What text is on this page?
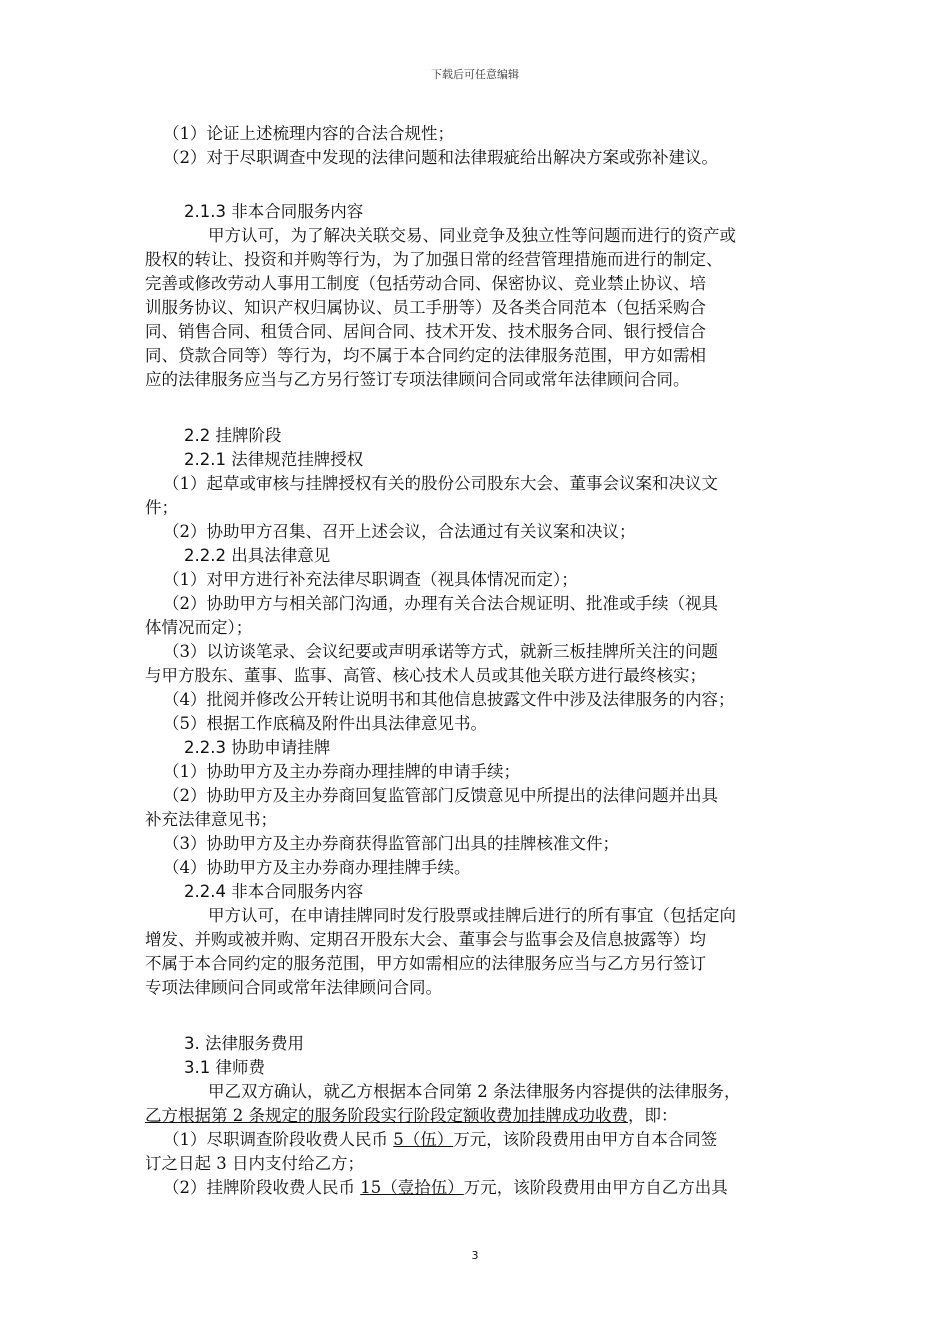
下载后可任意编辑
（1）论证上述梳理内容的合法合规性；
（2）对于尽职调查中发现的法律问题和法律瑕疵给出解决方案或弥补建议。
2.1.3 非本合同服务内容
甲方认可，为了解决关联交易、同业竞争及独立性等问题而进行的资产或
股权的转让、投资和并购等行为，为了加强日常的经营管理措施而进行的制定、
完善或修改劳动人事用工制度（包括劳动合同、保密协议、竞业禁止协议、培
训服务协议、知识产权归属协议、员工手册等）及各类合同范本（包括采购合
同、销售合同、租赁合同、居间合同、技术开发、技术服务合同、银行授信合
同、贷款合同等）等行为，均不属于本合同约定的法律服务范围，甲方如需相
应的法律服务应当与乙方另行签订专项法律顾问合同或常年法律顾问合同。
2.2 挂牌阶段
2.2.1 法律规范挂牌授权
（1）起草或审核与挂牌授权有关的股份公司股东大会、董事会议案和决议文
件；
（2）协助甲方召集、召开上述会议，合法通过有关议案和决议；
2.2.2 出具法律意见
（1）对甲方进行补充法律尽职调查（视具体情况而定）；
（2）协助甲方与相关部门沟通，办理有关合法合规证明、批准或手续（视具
体情况而定）；
（3）以访谈笔录、会议纪要或声明承诺等方式，就新三板挂牌所关注的问题
与甲方股东、董事、监事、高管、核心技术人员或其他关联方进行最终核实；
（4）批阅并修改公开转让说明书和其他信息披露文件中涉及法律服务的内容；
（5）根据工作底稿及附件出具法律意见书。
2.2.3 协助申请挂牌
（1）协助甲方及主办券商办理挂牌的申请手续；
（2）协助甲方及主办券商回复监管部门反馈意见中所提出的法律问题并出具
补充法律意见书；
（3）协助甲方及主办券商获得监管部门出具的挂牌核准文件；
（4）协助甲方及主办券商办理挂牌手续。
2.2.4 非本合同服务内容
甲方认可，在申请挂牌同时发行股票或挂牌后进行的所有事宜（包括定向
增发、并购或被并购、定期召开股东大会、董事会与监事会及信息披露等）均
不属于本合同约定的服务范围，甲方如需相应的法律服务应当与乙方另行签订
专项法律顾问合同或常年法律顾问合同。
3. 法律服务费用
3.1 律师费
甲乙双方确认，就乙方根据本合同第 2 条法律服务内容提供的法律服务，
乙方根据第 2 条规定的服务阶段实行阶段定额收费加挂牌成功收费，即：
（1）尽职调查阶段收费人民币 5（伍）万元，该阶段费用由甲方自本合同签
订之日起 3 日内支付给乙方；
（2）挂牌阶段收费人民币 15（壹拾伍）万元，该阶段费用由甲方自乙方出具
3
